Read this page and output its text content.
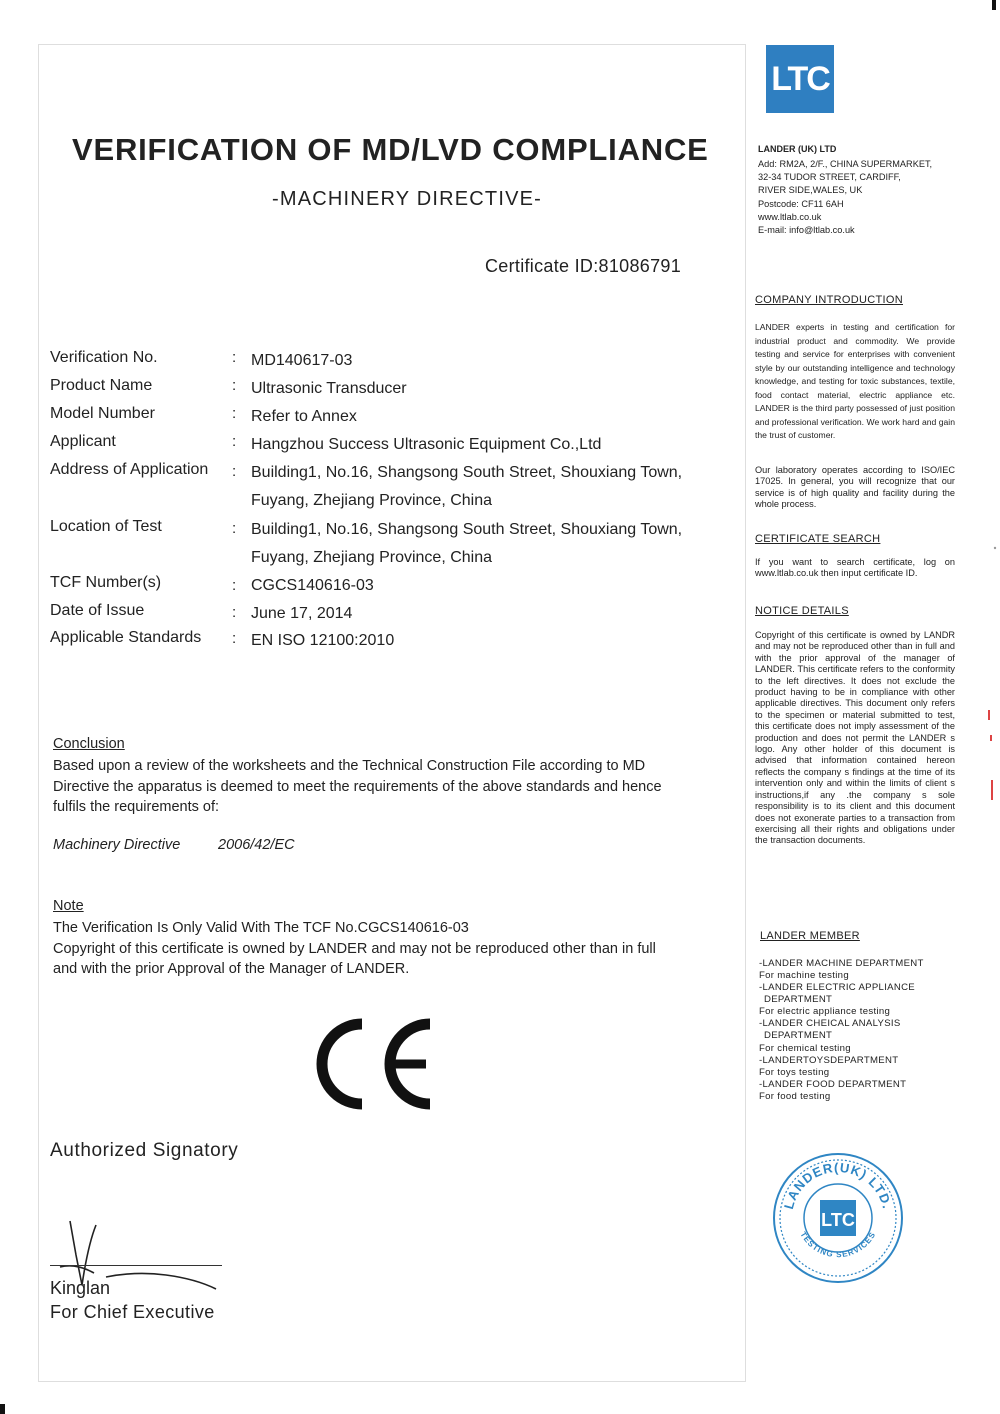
VERIFICATION OF MD/LVD COMPLIANCE
-MACHINERY DIRECTIVE-
Certificate ID:81086791
Verification No.	: MD140617-03
Product Name	: Ultrasonic Transducer
Model Number	: Refer to Annex
Applicant	: Hangzhou Success Ultrasonic Equipment Co.,Ltd
Address of Application : Building1, No.16, Shangsong South Street, Shouxiang Town,
Fuyang, Zhejiang Province, China
Location of Test	: Building1, No.16, Shangsong South Street, Shouxiang Town,
Fuyang, Zhejiang Province, China
TCF Number(s)	: CGCS140616-03
Date of Issue	: June 17, 2014
Applicable Standards : EN ISO 12100:2010
Conclusion
Based upon a review of the worksheets and the Technical Construction File according to MD
Directive the apparatus is deemed to meet the requirements of the above standards and hence
fulfils the requirements of:
Machinery Directive	2006/42/EC
Note
The Verification Is Only Valid With The TCF No.CGCS140616-03
Copyright of this certificate is owned by LANDER and may not be reproduced other than in full
and with the prior Approval of the Manager of LANDER.
Authorized Signatory
Kinglan
For Chief Executive
LTC
LANDER (UK) LTD
Add: RM2A, 2/F., CHINA SUPERMARKET,
32-34 TUDOR STREET, CARDIFF,
RIVER SIDE,WALES, UK
Postcode: CF11 6AH
www.ltlab.co.uk
E-mail: info@ltlab.co.uk
COMPANY INTRODUCTION
LANDER experts in testing and certification for industrial product and commodity. We provide testing and service for enterprises with convenient style by our outstanding intelligence and technology knowledge, and testing for toxic substances, textile, food contact material, electric appliance etc. LANDER is the third party possessed of just position and professional verification. We work hard and gain the trust of customer.
Our laboratory operates according to ISO/IEC 17025. In general, you will recognize that our service is of high quality and facility during the whole process.
CERTIFICATE SEARCH
If you want to search certificate, log on www.ltlab.co.uk then input certificate ID.
NOTICE DETAILS
Copyright of this certificate is owned by LANDR and may not be reproduced other than in full and with the prior approval of the manager of LANDER. This certificate refers to the conformity to the left directives. It does not exclude the product having to be in compliance with other applicable directives. This document only refers to the specimen or material submitted to test, this certificate does not imply assessment of the production and does not permit the LANDER s logo. Any other holder of this document is advised that information contained hereon reflects the company s findings at the time of its intervention only and within the limits of client s instructions,if any .the company s sole responsibility is to its client and this document does not exonerate parties to a transaction from exercising all their rights and obligations under the transaction documents.
LANDER MEMBER
-LANDER MACHINE DEPARTMENT
For machine testing
-LANDER ELECTRIC APPLIANCE
DEPARTMENT
For electric appliance testing
-LANDER CHEICAL ANALYSIS
DEPARTMENT
For chemical testing
-LANDERTOYSDEPARTMENT
For toys testing
-LANDER FOOD DEPARTMENT
For food testing
LANDER(UK) LTD.
TESTING SERVICES
LTC
